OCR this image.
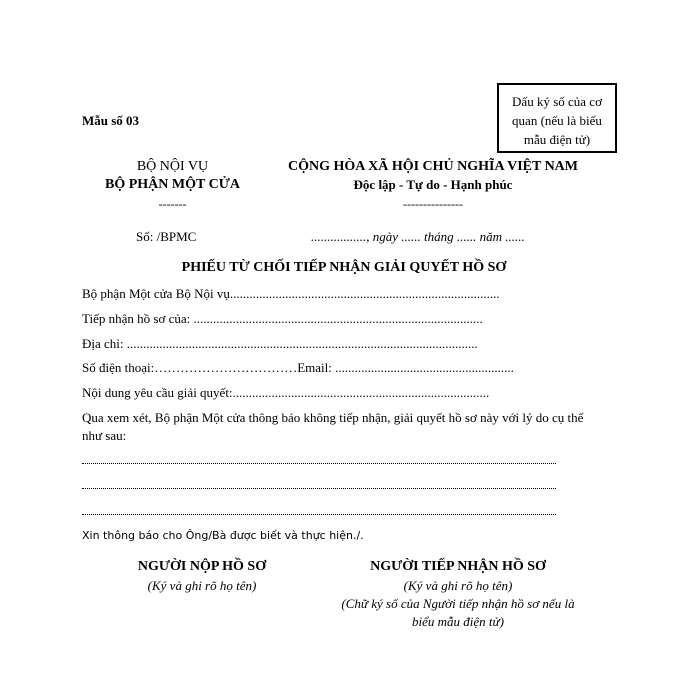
Dấu ký số của cơ
quan (nếu là biểu
mẫu điện tử)
Mẫu số 03
BỘ NỘI VỤ
BỘ PHẬN MỘT CỬA
-------
CỘNG HÒA XÃ HỘI CHỦ NGHĨA VIỆT NAM
Độc lập - Tự do - Hạnh phúc
---------------
Số: /BPMC	................., ngày ...... tháng ...... năm ......
PHIẾU TỪ CHỐI TIẾP NHẬN GIẢI QUYẾT HỒ SƠ
Bộ phận Một cửa Bộ Nội vụ...................................................................................
Tiếp nhận hồ sơ của: .........................................................................................
Địa chỉ: ............................................................................................................
Số điện thoại:……………………………Email: .......................................................
Nội dung yêu cầu giải quyết:...............................................................................
Qua xem xét, Bộ phận Một cửa thông báo không tiếp nhận, giải quyết hồ sơ này với lý do cụ thể
như sau:
Xin thông báo cho Ông/Bà được biết và thực hiện./.
NGƯỜI NỘP HỒ SƠ
(Ký và ghi rõ họ tên)
NGƯỜI TIẾP NHẬN HỒ SƠ
(Ký và ghi rõ họ tên)
(Chữ ký số của Người tiếp nhận hồ sơ nếu là
biểu mẫu điện tử)
